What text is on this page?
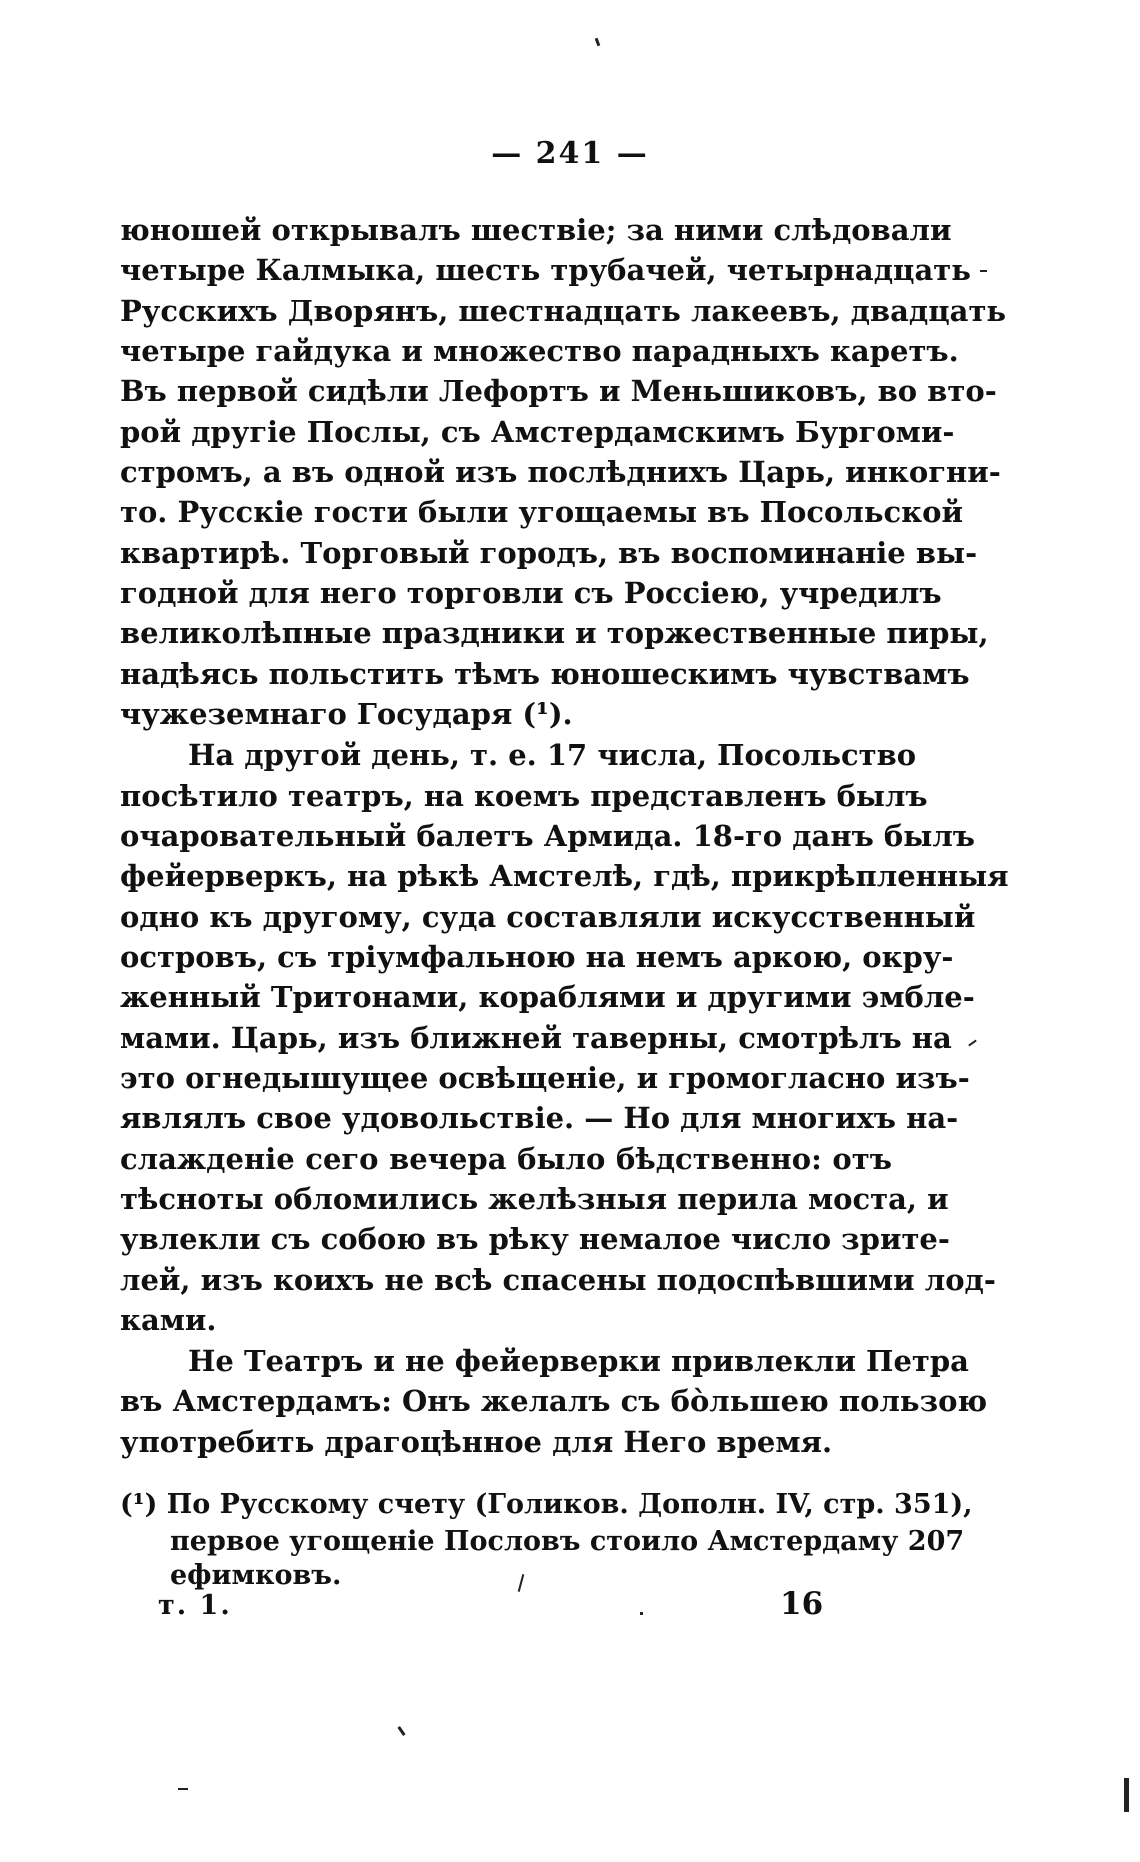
— 241 —
юношей открывалъ шествіе; за ними слѣдовали
четыре Калмыка, шесть трубачей, четырнадцать
Русскихъ Дворянъ, шестнадцать лакеевъ, двадцать
четыре гайдука и множество парадныхъ каретъ.
Въ первой сидѣли Лефортъ и Меньшиковъ, во вто-
рой другіе Послы, съ Амстердамскимъ Бургоми-
стромъ, а въ одной изъ послѣднихъ Царь, инкогни-
то. Русскіе гости были угощаемы въ Посольской
квартирѣ. Торговый городъ, въ воспоминаніе вы-
годной для него торговли съ Россіею, учредилъ
великолѣпные праздники и торжественные пиры,
надѣясь польстить тѣмъ юношескимъ чувствамъ
чужеземнаго Государя (¹).
На другой день, т. е. 17 числа, Посольство
посѣтило театръ, на коемъ представленъ былъ
очаровательный балетъ Армида. 18-го данъ былъ
фейерверкъ, на рѣкѣ Амстелѣ, гдѣ, прикрѣпленныя
одно къ другому, суда составляли искусственный
островъ, съ тріумфальною на немъ аркою, окру-
женный Тритонами, кораблями и другими эмбле-
мами. Царь, изъ ближней таверны, смотрѣлъ на
это огнедышущее освѣщеніе, и громогласно изъ-
являлъ свое удовольствіе. — Но для многихъ на-
слажденіе сего вечера было бѣдственно: отъ
тѣсноты обломились желѣзныя перила моста, и
увлекли съ собою въ рѣку немалое число зрите-
лей, изъ коихъ не всѣ спасены подоспѣвшими лод-
ками.
Не Театръ и не фейерверки привлекли Петра
въ Амстердамъ: Онъ желалъ съ бо̀льшею пользою
употребить драгоцѣнное для Него время.
(¹) По Русскому счету (Голиков. Дополн. IV, стр. 351),
первое угощеніе Пословъ стоило Амстердаму 207
ефимковъ.
т. 1.	16
